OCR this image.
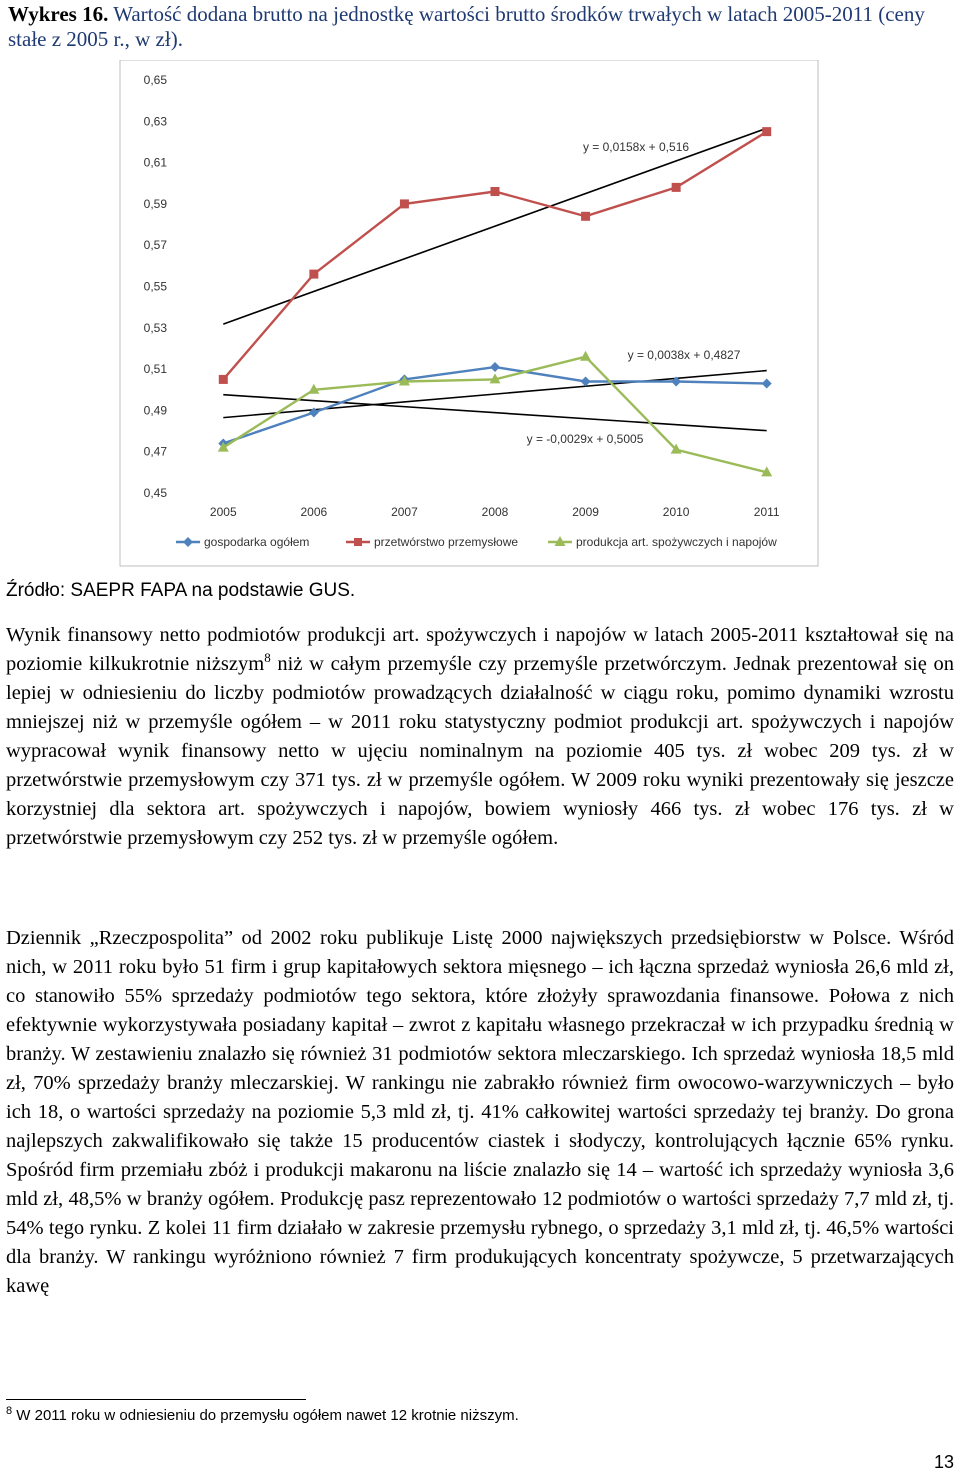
Wykres 16. Wartość dodana brutto na jednostkę wartości brutto środków trwałych w latach 2005-2011 (ceny stałe z 2005 r., w zł).
0,45
0,47
0,49
0,51
0,53
0,55
0,57
0,59
0,61
0,63
0,65
2005	2006	2007	2008	2009	2010	2011
y = 0,0158x + 0,516
y = 0,0038x + 0,4827
y = -0,0029x + 0,5005
gospodarka ogółem	przetwórstwo przemysłowe	produkcja art. spożywczych i napojów
Źródło: SAEPR FAPA na podstawie GUS.

Wynik finansowy netto podmiotów produkcji art. spożywczych i napojów w latach 2005-2011 kształtował się na poziomie kilkukrotnie niższym$^8$ niż w całym przemyśle czy przemyśle przetwórczym. Jednak prezentował się on lepiej w odniesieniu do liczby podmiotów prowadzących działalność w ciągu roku, pomimo dynamiki wzrostu mniejszej niż w przemyśle ogółem – w 2011 roku statystyczny podmiot produkcji art. spożywczych i napojów wypracował wynik finansowy netto w ujęciu nominalnym na poziomie 405 tys. zł wobec 209 tys. zł w przetwórstwie przemysłowym czy 371 tys. zł w przemyśle ogółem. W 2009 roku wyniki prezentowały się jeszcze korzystniej dla sektora art. spożywczych i napojów, bowiem wyniosły 466 tys. zł wobec 176 tys. zł w przetwórstwie przemysłowym czy 252 tys. zł w przemyśle ogółem.

Dziennik „Rzeczpospolita” od 2002 roku publikuje Listę 2000 największych przedsiębiorstw w Polsce. Wśród nich, w 2011 roku było 51 firm i grup kapitałowych sektora mięsnego – ich łączna sprzedaż wyniosła 26,6 mld zł, co stanowiło 55% sprzedaży podmiotów tego sektora, które złożyły sprawozdania finansowe. Połowa z nich efektywnie wykorzystywała posiadany kapitał – zwrot z kapitału własnego przekraczał w ich przypadku średnią w branży. W zestawieniu znalazło się również 31 podmiotów sektora mleczarskiego. Ich sprzedaż wyniosła 18,5 mld zł, 70% sprzedaży branży mleczarskiej. W rankingu nie zabrakło również firm owocowo-warzywniczych – było ich 18, o wartości sprzedaży na poziomie 5,3 mld zł, tj. 41% całkowitej wartości sprzedaży tej branży. Do grona najlepszych zakwalifikowało się także 15 producentów ciastek i słodyczy, kontrolujących łącznie 65% rynku. Spośród firm przemiału zbóż i produkcji makaronu na liście znalazło się 14 – wartość ich sprzedaży wyniosła 3,6 mld zł, 48,5% w branży ogółem. Produkcję pasz reprezentowało 12 podmiotów o wartości sprzedaży 7,7 mld zł, tj. 54% tego rynku. Z kolei 11 firm działało w zakresie przemysłu rybnego, o sprzedaży 3,1 mld zł, tj. 46,5% wartości dla branży. W rankingu wyróżniono również 7 firm produkujących koncentraty spożywcze, 5 przetwarzających kawę

$^8$ W 2011 roku w odniesieniu do przemysłu ogółem nawet 12 krotnie niższym.
13
